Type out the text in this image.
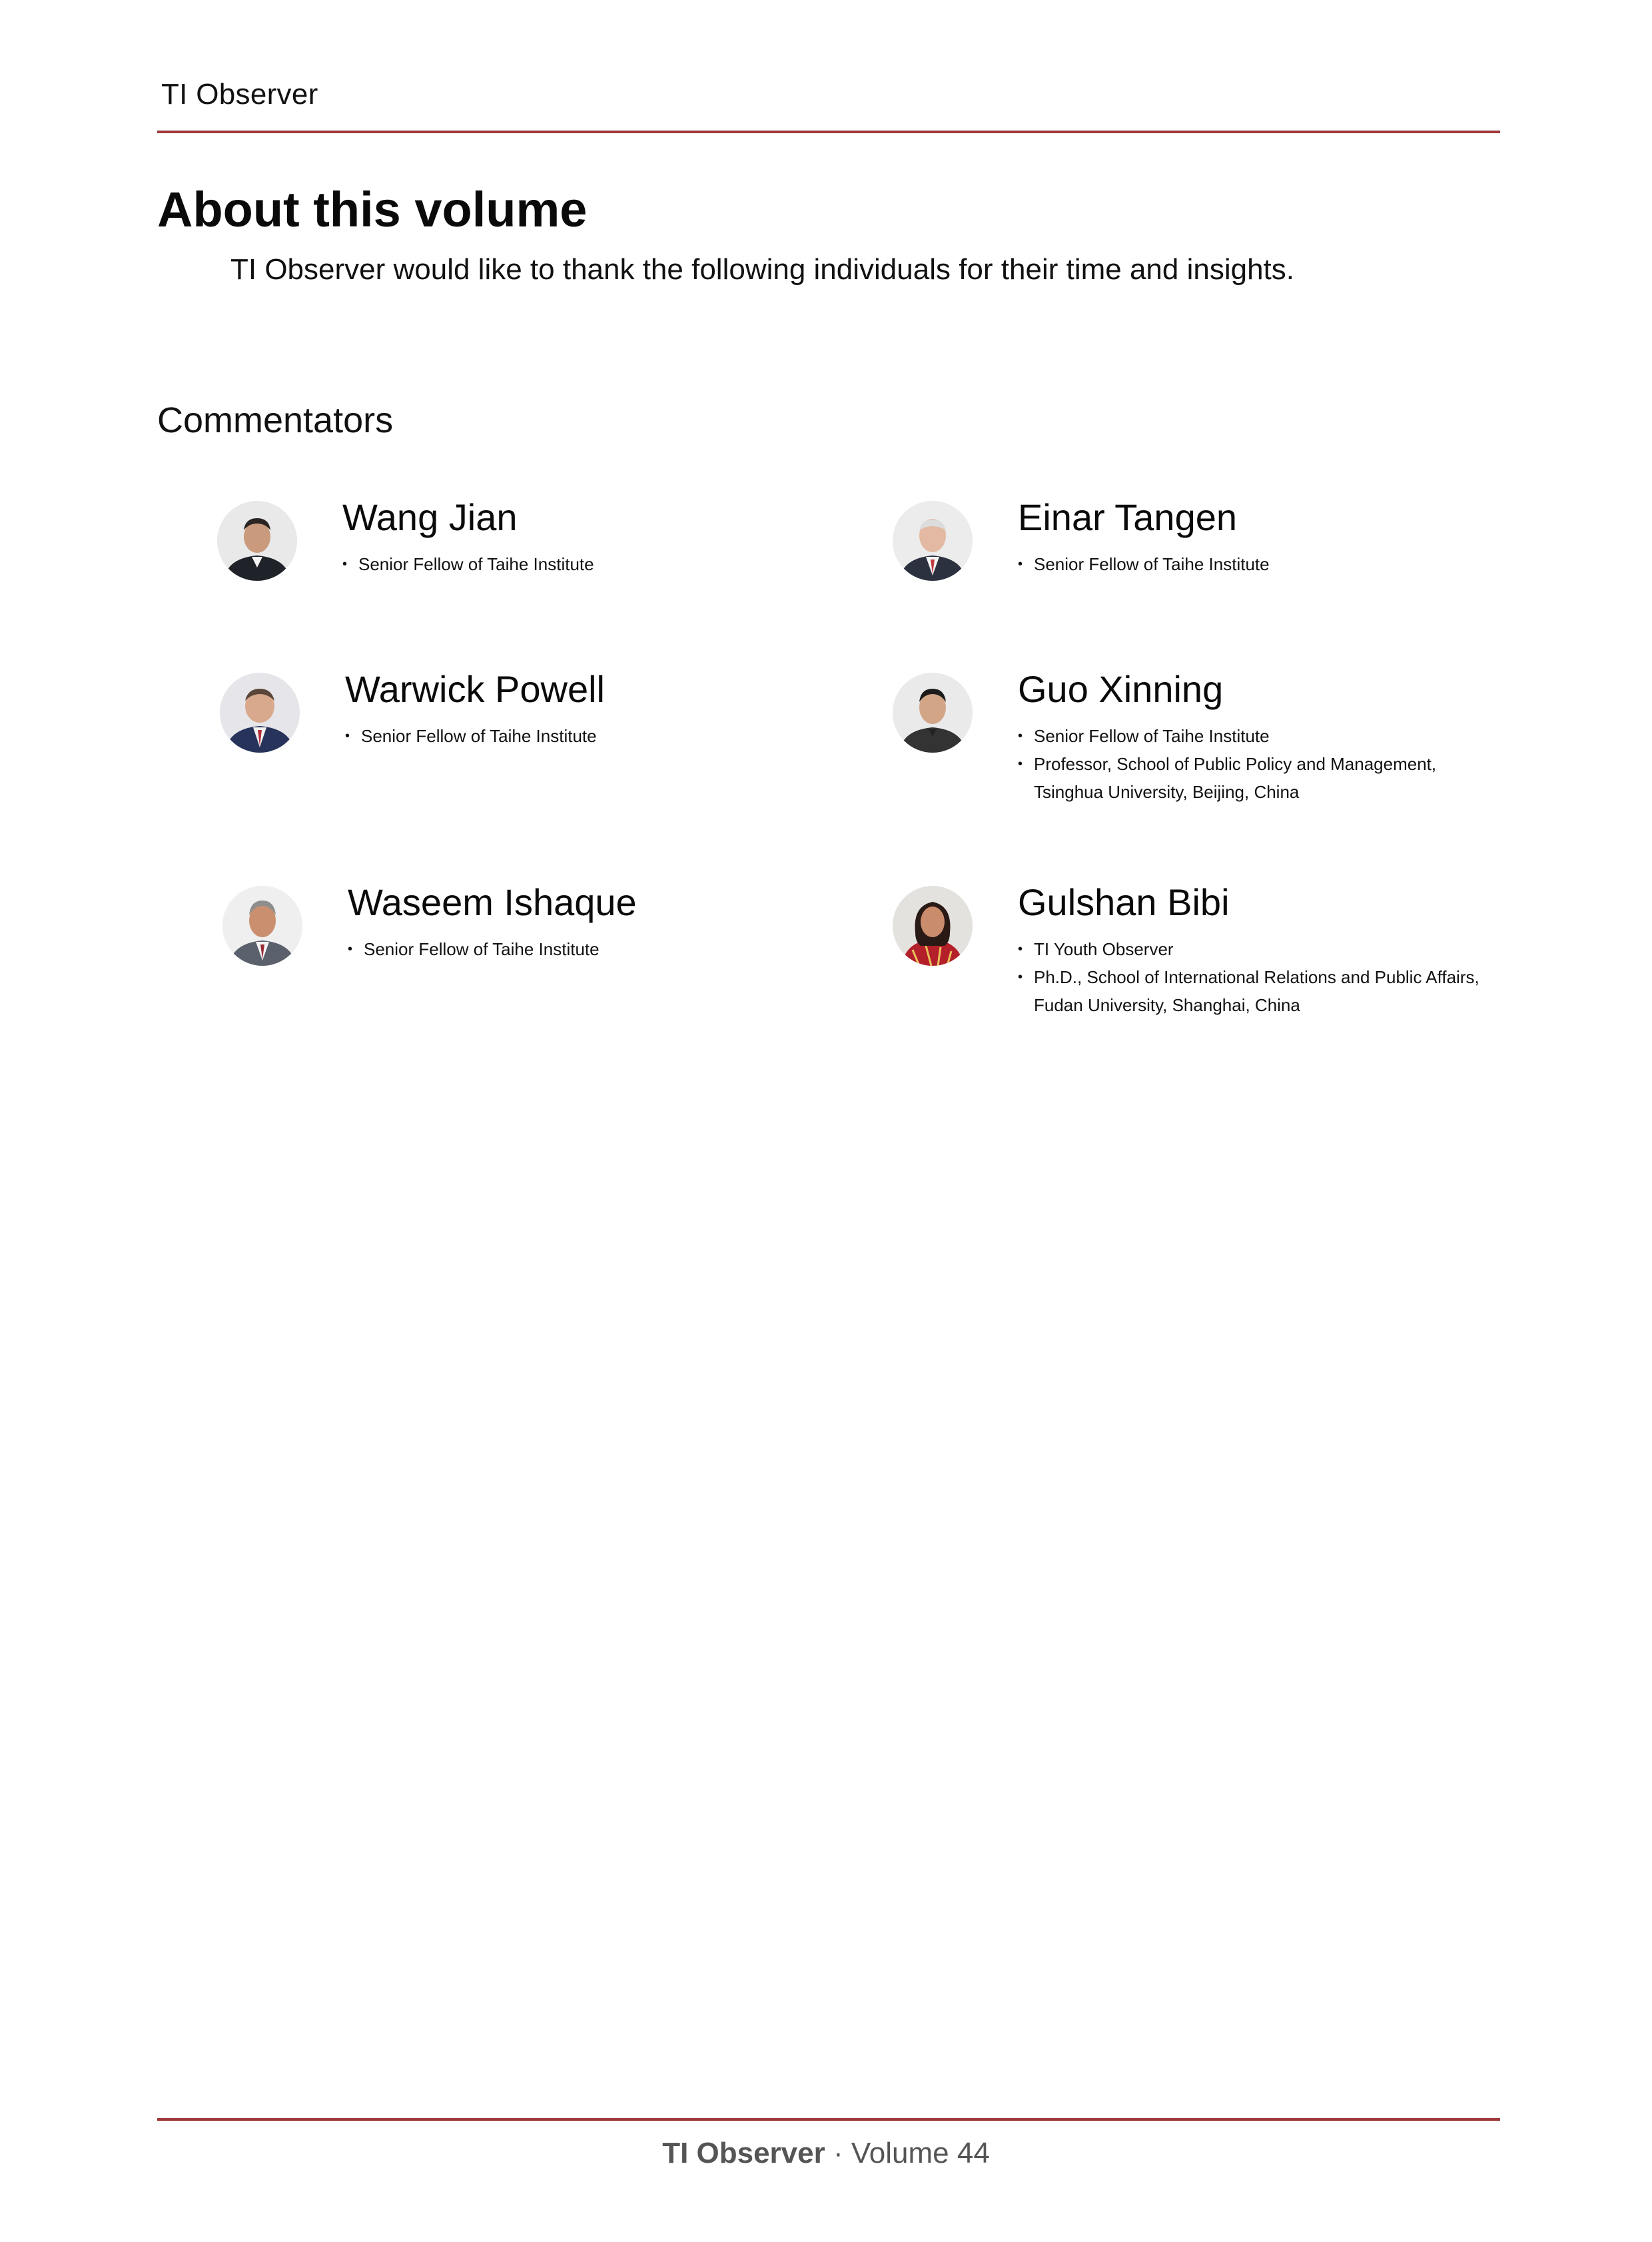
TI Observer
About this volume

TI Observer would like to thank the following individuals for their time and insights.

Commentators
Wang Jian
• Senior Fellow of Taihe Institute
Einar Tangen
• Senior Fellow of Taihe Institute
Warwick Powell
• Senior Fellow of Taihe Institute
Guo Xinning
• Senior Fellow of Taihe Institute
• Professor, School of Public Policy and Management,
Tsinghua University, Beijing, China
Waseem Ishaque
• Senior Fellow of Taihe Institute
Gulshan Bibi
• TI Youth Observer
• Ph.D., School of International Relations and Public Affairs,
Fudan University, Shanghai, China
TI Observer · Volume 44
